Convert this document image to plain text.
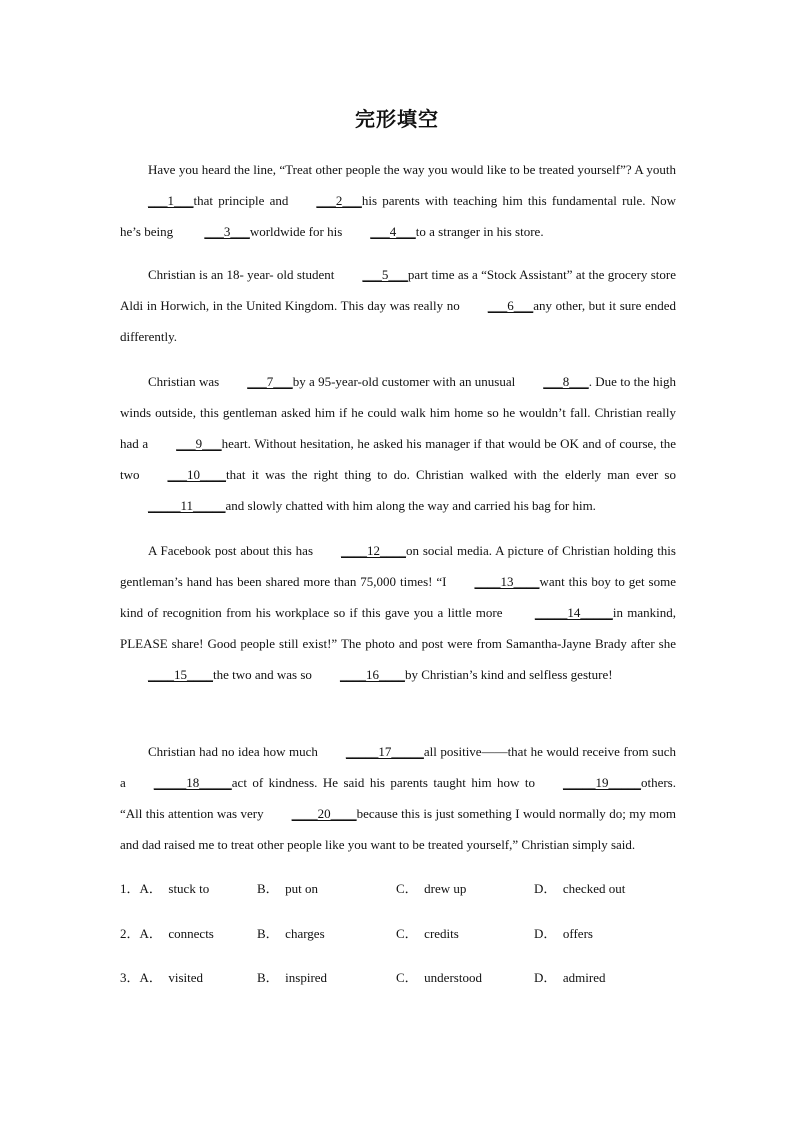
完形填空

Have you heard the line, “Treat other people the way you would like to be treated yourself”? A youth ___1___that principle and ___2___his parents with teaching him this fundamental rule. Now he’s being ___3___worldwide for his ___4___to a stranger in his store.

Christian is an 18- year- old student ___5___part time as a “Stock Assistant” at the grocery store Aldi in Horwich, in the United Kingdom. This day was really no ___6___any other, but it sure ended differently.

Christian was ___7___by a 95-year-old customer with an unusual ___8___. Due to the high winds outside, this gentleman asked him if he could walk him home so he wouldn’t fall. Christian really had a ___9___heart. Without hesitation, he asked his manager if that would be OK and of course, the two ___10____that it was the right thing to do. Christian walked with the elderly man ever so_____11_____and slowly chatted with him along the way and carried his bag for him.

A Facebook post about this has ____12____on social media. A picture of Christian holding this gentleman’s hand has been shared more than 75,000 times! “I ____13____want this boy to get some kind of recognition from his workplace so if this gave you a little more _____14_____in mankind, PLEASE share! Good people still exist!” The photo and post were from Samantha-Jayne Brady after she____15____the two and was so ____16____by Christian’s kind and selfless gesture!

Christian had no idea how much _____17_____all positive——that he would receive from such a _____18_____act of kindness. He said his parents taught him how to _____19_____others. “All this attention was very ____20____because this is just something I would normally do; my mom and dad raised me to treat other people like you want to be treated yourself,” Christian simply said.

1．A．  stuck to	B．  put on	C．  drew up	D．  checked out
2．A．  connects	B．  charges	C．  credits	D．  offers
3．A．  visited	B．  inspired	C．  understood	D．  admired
